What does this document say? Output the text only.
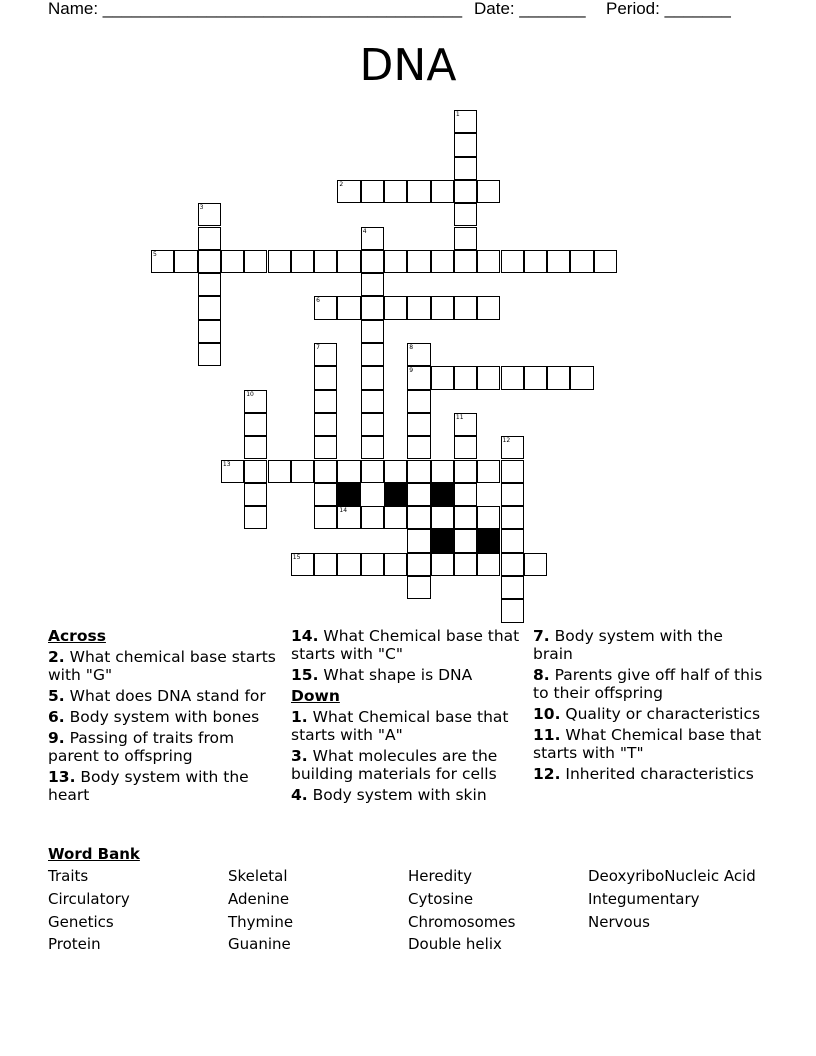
Name: ______________________________________ Date: _______ Period: _______
DNA
1
2
3
4
5
6
7	8
9
10
11
12
13
14
15
Across
2. What chemical base starts with "G"
5. What does DNA stand for
6. Body system with bones
9. Passing of traits from parent to offspring
13. Body system with the heart
14. What Chemical base that starts with "C"
15. What shape is DNA
Down
1. What Chemical base that starts with "A"
3. What molecules are the building materials for cells
4. Body system with skin
7. Body system with the brain
8. Parents give off half of this to their offspring
10. Quality or characteristics
11. What Chemical base that starts with "T"
12. Inherited characteristics
Word Bank
Traits	Skeletal	Heredity	DeoxyriboNucleic Acid
Circulatory	Adenine	Cytosine	Integumentary
Genetics	Thymine	Chromosomes	Nervous
Protein	Guanine	Double helix
